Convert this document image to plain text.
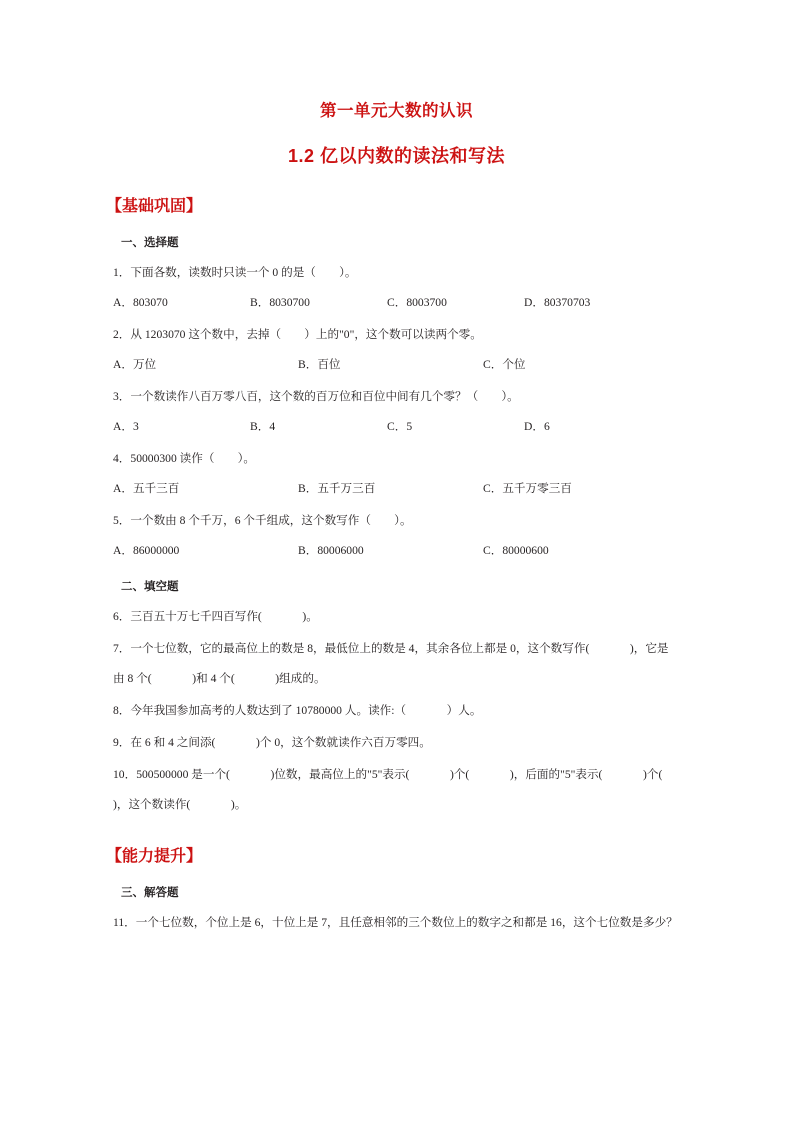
第一单元大数的认识
1.2 亿以内数的读法和写法
【基础巩固】
一、选择题
1．下面各数，读数时只读一个 0 的是（        ）。
A．803070	B．8030700	C．8003700	D．80370703
2．从 1203070 这个数中，去掉（        ）上的"0"，这个数可以读两个零。
A．万位	B．百位	C．个位
3．一个数读作八百万零八百，这个数的百万位和百位中间有几个零？（        ）。
A．3	B．4	C．5	D．6
4．50000300 读作（        ）。
A．五千三百	B．五千万三百	C．五千万零三百
5．一个数由 8 个千万，6 个千组成，这个数写作（        ）。
A．86000000	B．80006000	C．80000600
二、填空题
6．三百五十万七千四百写作(              )。
7．一个七位数，它的最高位上的数是 8，最低位上的数是 4，其余各位上都是 0，这个数写作(              )，它是由 8 个(              )和 4 个(              )组成的。
8．今年我国参加高考的人数达到了 10780000 人。读作:（              ）人。
9．在 6 和 4 之间添(              )个 0，这个数就读作六百万零四。
10．500500000 是一个(              )位数，最高位上的"5"表示(              )个(              )，后面的"5"表示(              )个(              )，这个数读作(              )。
【能力提升】
三、解答题
11．一个七位数，个位上是 6，十位上是 7，且任意相邻的三个数位上的数字之和都是 16，这个七位数是多少？
